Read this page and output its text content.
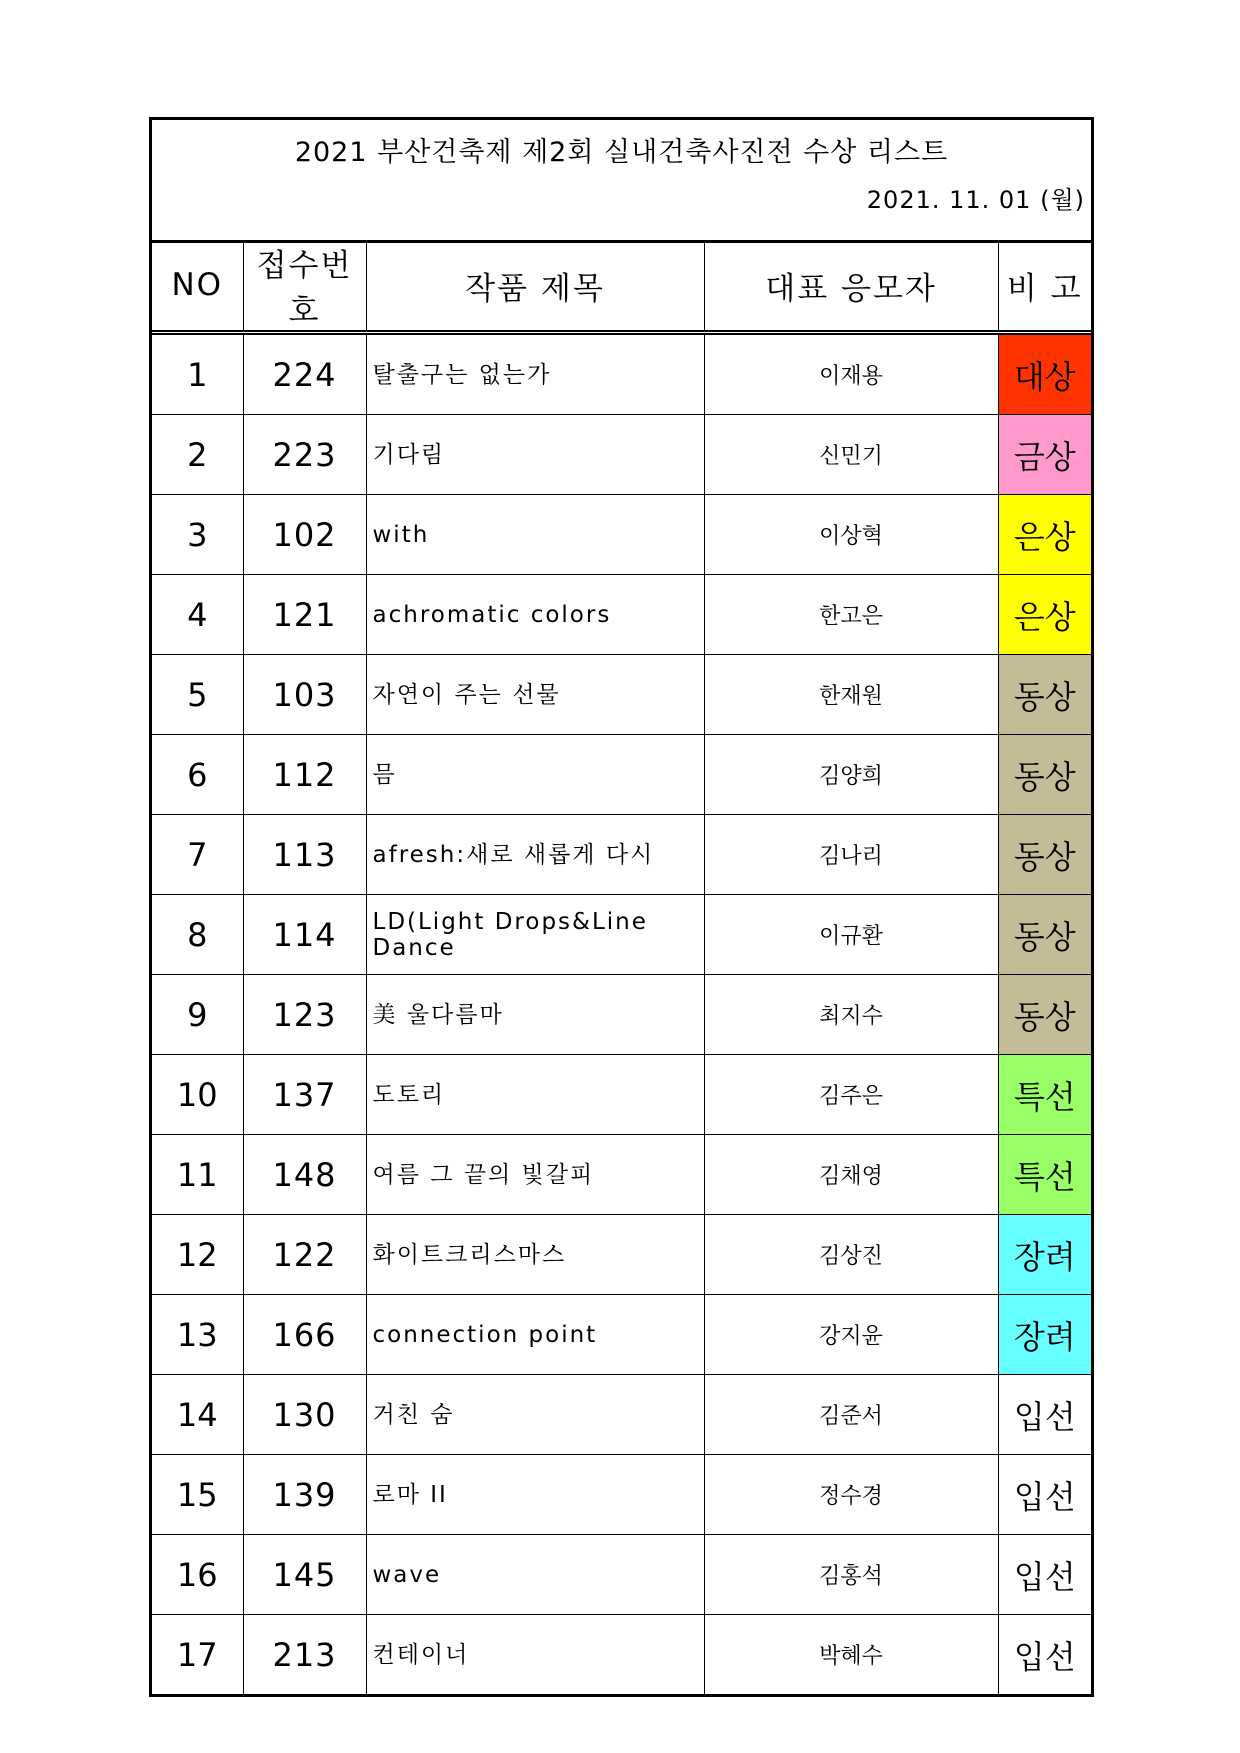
2021 부산건축제 제2회 실내건축사진전 수상 리스트
2021. 11. 01 (월)
NO	접수번호	작품 제목	대표 응모자	비 고
1	224	탈출구는 없는가	이재용	대상
2	223	기다림	신민기	금상
3	102	with	이상혁	은상
4	121	achromatic colors	한고은	은상
5	103	자연이 주는 선물	한재원	동상
6	112	믐	김양희	동상
7	113	afresh:새로 새롭게 다시	김나리	동상
8	114	LD(Light Drops&Line Dance	이규환	동상
9	123	美 울다름마	최지수	동상
10	137	도토리	김주은	특선
11	148	여름 그 끝의 빛갈피	김채영	특선
12	122	화이트크리스마스	김상진	장려
13	166	connection point	강지윤	장려
14	130	거친 숨	김준서	입선
15	139	로마 II	정수경	입선
16	145	wave	김홍석	입선
17	213	컨테이너	박혜수	입선
